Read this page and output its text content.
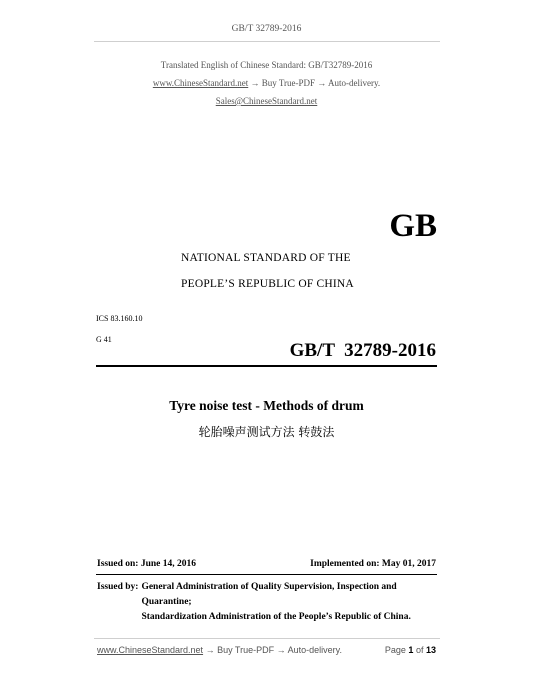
GB/T 32789-2016
Translated English of Chinese Standard: GB/T32789-2016
www.ChineseStandard.net → Buy True-PDF → Auto-delivery.
Sales@ChineseStandard.net
GB
NATIONAL STANDARD OF THE
PEOPLE’S REPUBLIC OF CHINA
ICS 83.160.10
G 41
GB/T  32789-2016
Tyre noise test - Methods of drum
轮胎噪声测试方法 转鼓法
Issued on: June 14, 2016	Implemented on: May 01, 2017
Issued by: General Administration of Quality Supervision, Inspection and
Quarantine;
Standardization Administration of the People’s Republic of China.
www.ChineseStandard.net → Buy True-PDF → Auto-delivery.	Page 1 of 13
